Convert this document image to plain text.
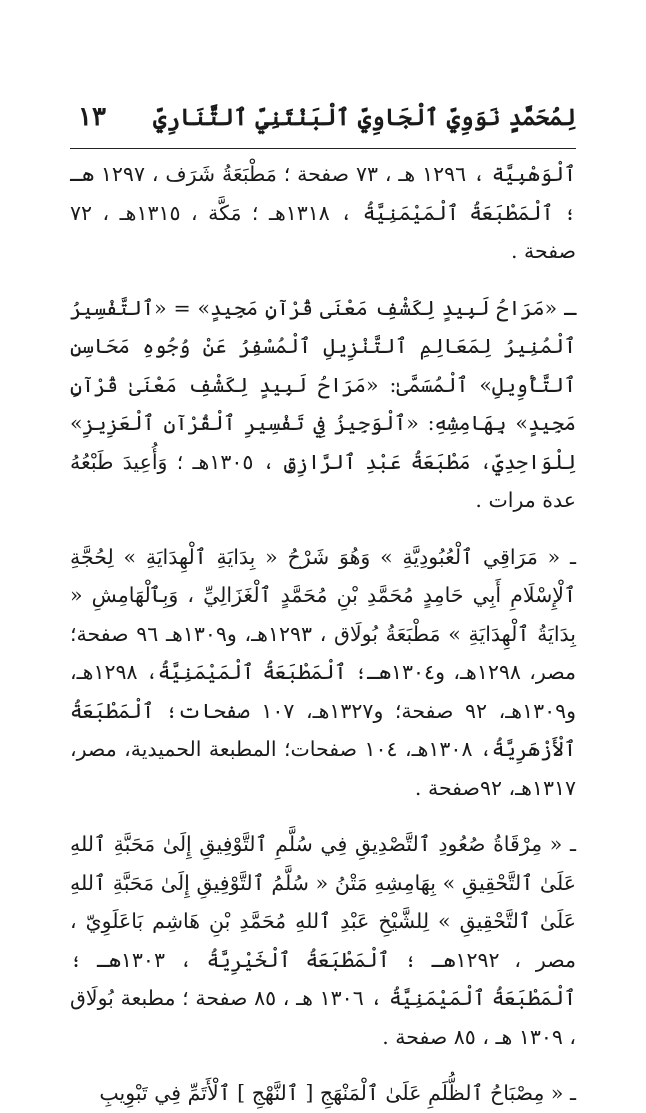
لِمُحَمَّدٍ نَوَوِيِّ ٱلْجَاوِيِّ ٱلْبَنْتَنِيِّ ٱلتَّنَارِيِّ
١٣

ٱلْوَهْبِيَّة ، ١٢٩٦ هـ ، ٧٣ صفحة ؛ مَطْبَعَةُ شَرَف ، ١٢٩٧ هـ ؛ ٱلْمَطْبَعَةُ ٱلْمَيْمَنِيَّةُ ، ١٣١٨هـ ؛ مَكَّة ، ١٣١٥هـ ، ٧٢ صفحة .

ـ «مَرَاحُ لَبِيدٍ لِكَشْفِ مَعْنَى قُرْآنٍ مَجِيدٍ» = «ٱلتَّفْسِيرُ ٱلْمُنِيرُ لِمَعَالِمِ ٱلتَّنْزِيلِ ٱلْمُسْفِرُ عَنْ وُجُوهِ مَحَاسِنِ ٱلتَّأْوِيلِ» ٱلْمُسَمَّىٰ: «مَرَاحُ لَبِيدٍ لِكَشْفِ مَعْنَىٰ قُرْآنٍ مَجِيدٍ» بِهَامِشِهِ: «ٱلْوَجِيزُ فِي تَفْسِيرِ ٱلْقُرْآنِ ٱلْعَزِيزِ» لِلْوَاحِدِيِّ، مَطْبَعَةُ عَبْدِ ٱلرَّازِقِ ، ١٣٠٥هـ ؛ وَأُعِيدَ طَبْعُهُ عدة مرات .

ـ « مَرَاقِي ٱلْعُبُودِيَّةِ » وَهُوَ شَرْحُ « بِدَايَةِ ٱلْهِدَايَةِ » لِحُجَّةِ ٱلْإِسْلَامِ أَبِي حَامِدٍ مُحَمَّدِ بْنِ مُحَمَّدٍ ٱلْغَزَالِيِّ ، وَبِٱلْهَامِشِ « بِدَايَةُ ٱلْهِدَايَةِ » مَطْبَعَةُ بُولَاق ، ١٢٩٣هـ، و١٣٠٩هـ ٩٦ صفحة؛ مصر، ١٢٩٨هـ، و١٣٠٤هـ؛ ٱلْمَطْبَعَةُ ٱلْمَيْمَنِيَّةُ، ١٢٩٨هـ، و١٣٠٩هـ، ٩٢ صفحة؛ و١٣٢٧هـ، ١٠٧ صفحات؛ ٱلْمَطْبَعَةُ ٱلْأَزْهَرِيَّةُ، ١٣٠٨هـ، ١٠٤ صفحات؛ المطبعة الحميدية، مصر، ١٣١٧هـ، ٩٢صفحة .

ـ « مِرْقَاةُ صُعُودِ ٱلتَّصْدِيقِ فِي سُلَّمِ ٱلتَّوْفِيقِ إِلَىٰ مَحَبَّةِ ٱللهِ عَلَىٰ ٱلتَّحْقِيقِ » بِهَامِشِهِ مَتْنُ « سُلَّمُ ٱلتَّوْفِيقِ إِلَىٰ مَحَبَّةِ ٱللهِ عَلَىٰ ٱلتَّحْقِيقِ » لِلشَّيْخِ عَبْدِ ٱللهِ مُحَمَّدِ بْنِ هَاشِم بَاعَلَوِيّ ، مصر ، ١٢٩٢هـ ؛ ٱلْمَطْبَعَةُ ٱلْخَيْرِيَّةُ ، ١٣٠٣هـ ؛ ٱلْمَطْبَعَةُ ٱلْمَيْمَنِيَّةُ ، ١٣٠٦ هـ ، ٨٥ صفحة ؛ مطبعة بُولَاق ، ١٣٠٩ هـ ، ٨٥ صفحة .

ـ « مِصْبَاحُ ٱلظُّلَمِ عَلَىٰ ٱلْمَنْهَجِ [ ٱلنَّهْجِ ] ٱلْأَتَمِّ فِي تَبْوِيبِ
